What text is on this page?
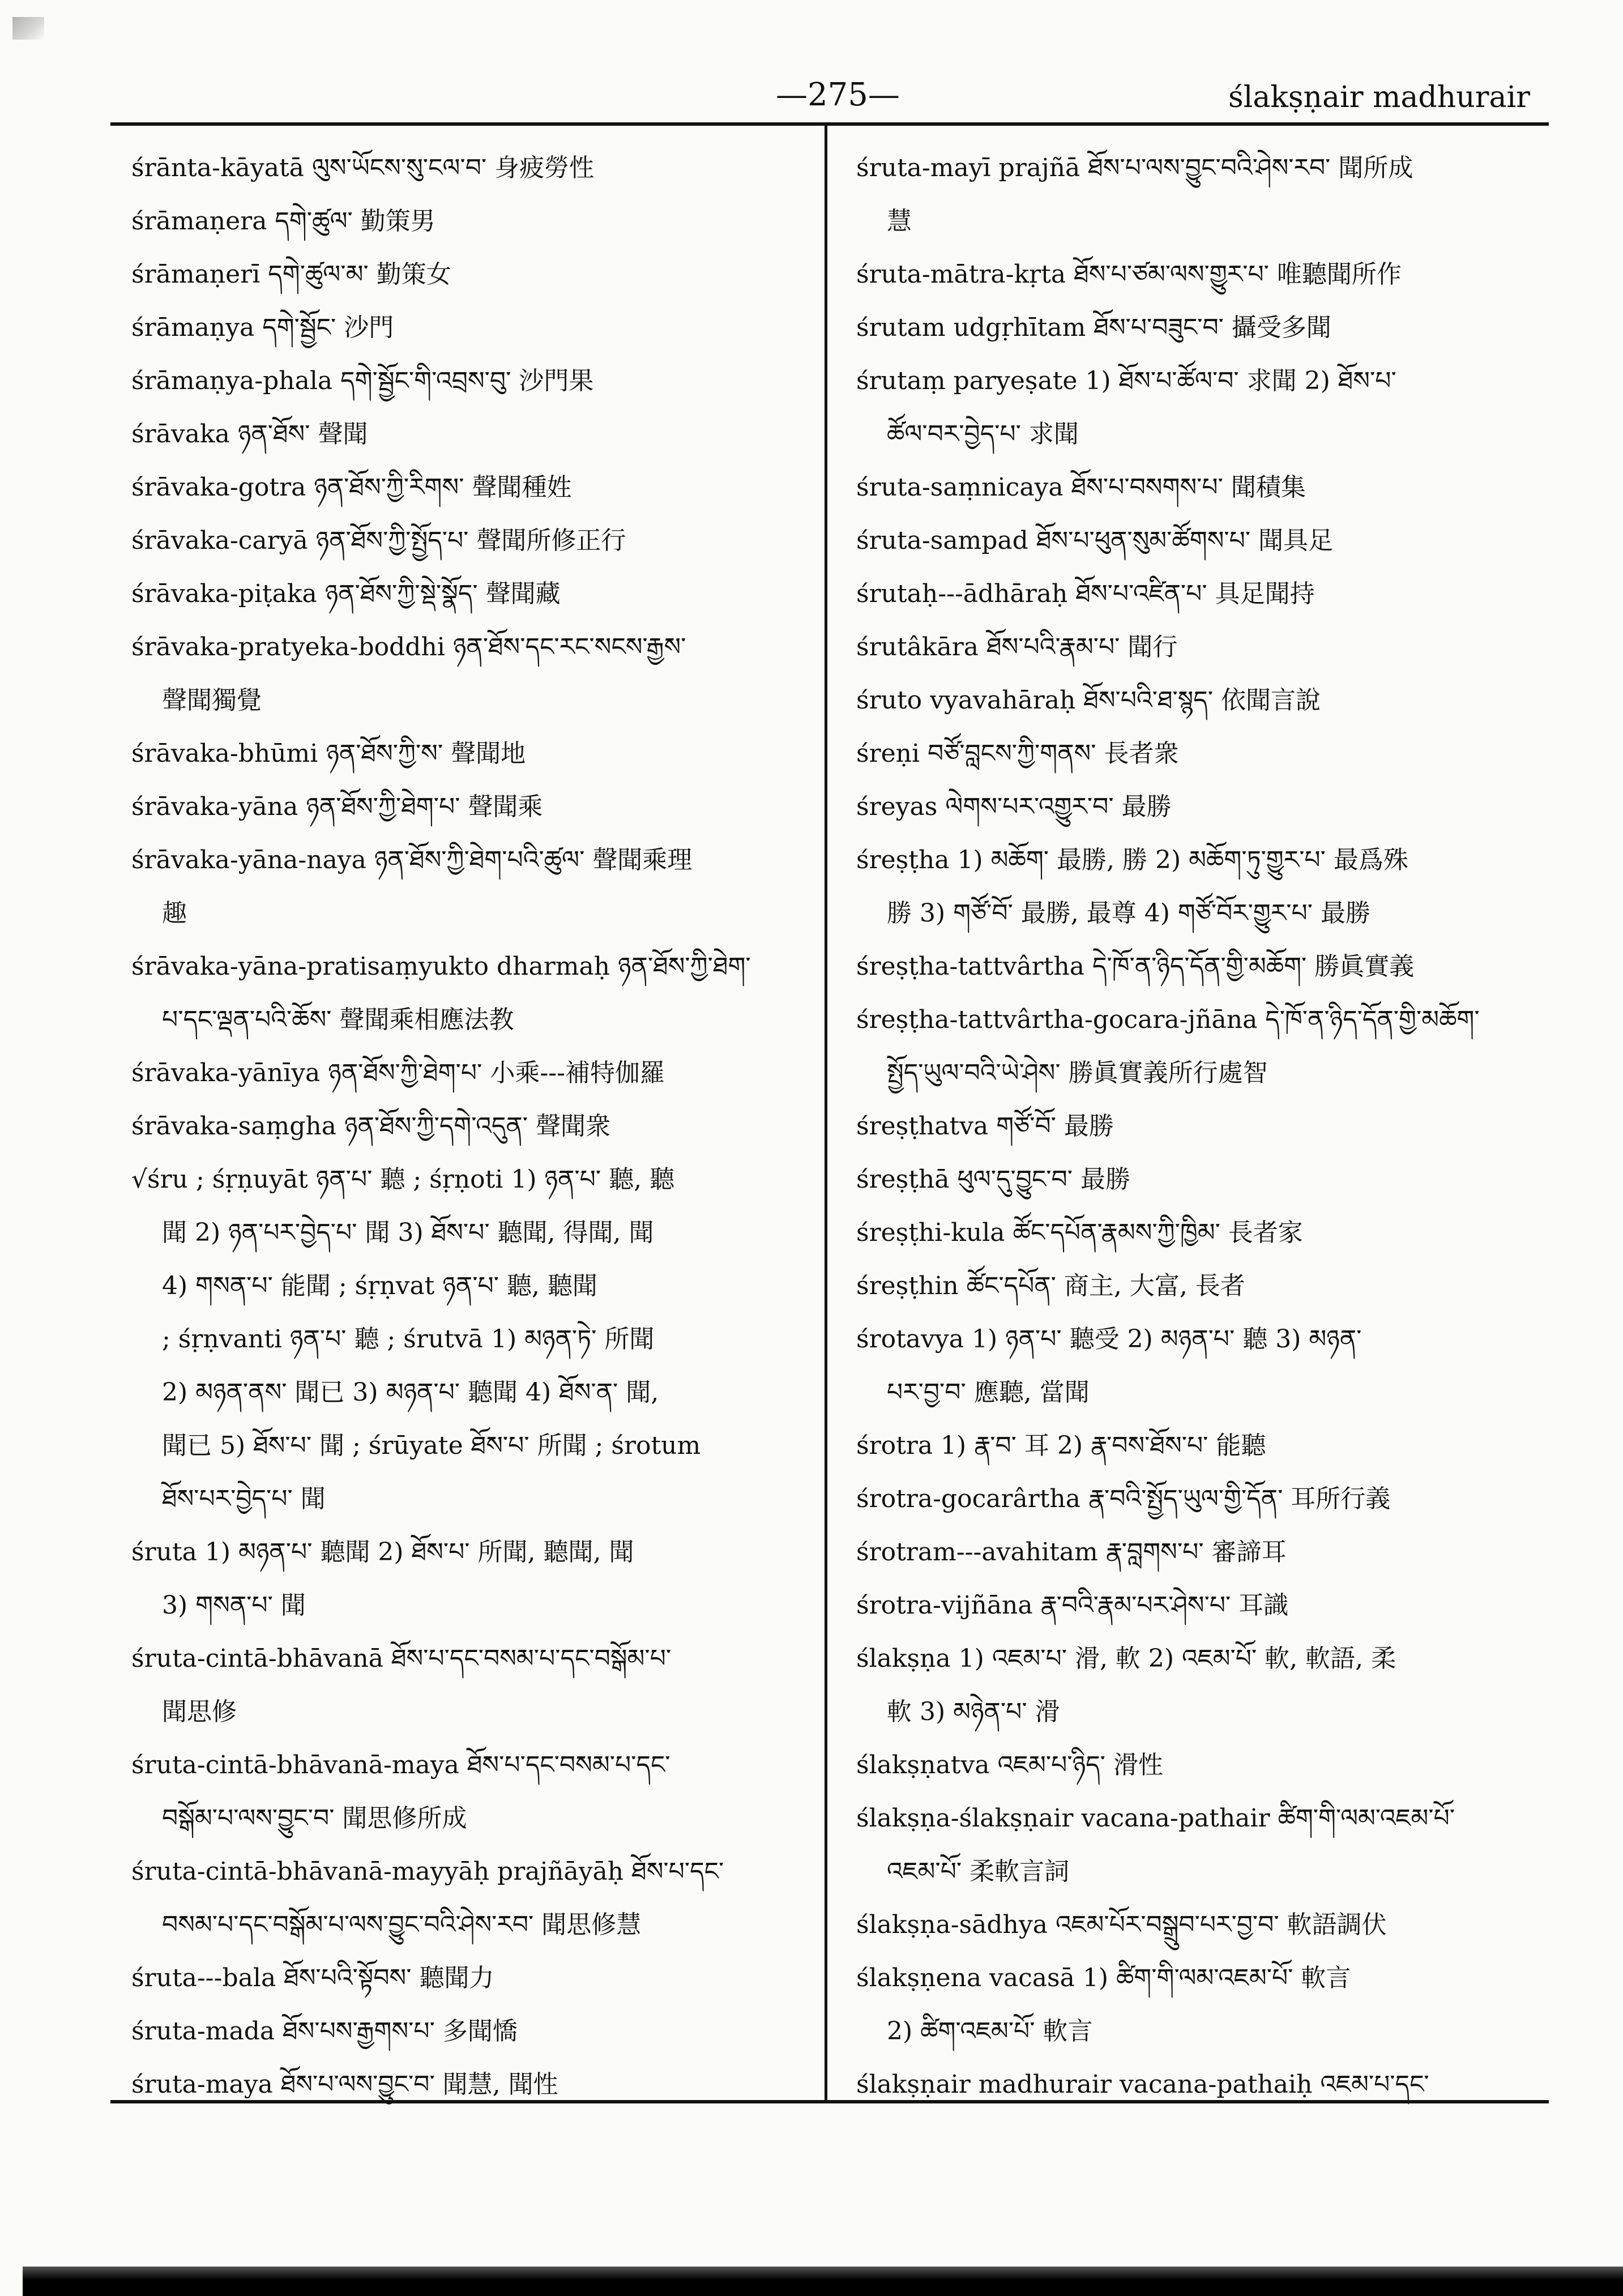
—275—	ślakṣṇair madhurair
śrānta-kāyatā ལུས་ཡོངས་སུ་ངལ་བ་ 身疲勞性
śrāmaṇera དགེ་ཚུལ་ 勤策男
śrāmaṇerī དགེ་ཚུལ་མ་ 勤策女
śrāmaṇya དགེ་སྦྱོང་ 沙門
śrāmaṇya-phala དགེ་སྦྱོང་གི་འབྲས་བུ་ 沙門果
śrāvaka ཉན་ཐོས་ 聲聞
śrāvaka-gotra ཉན་ཐོས་ཀྱི་རིགས་ 聲聞種姓
śrāvaka-caryā ཉན་ཐོས་ཀྱི་སྤྱོད་པ་ 聲聞所修正行
śrāvaka-piṭaka ཉན་ཐོས་ཀྱི་སྡེ་སྣོད་ 聲聞藏
śrāvaka-pratyeka-boddhi ཉན་ཐོས་དང་རང་སངས་རྒྱས་
聲聞獨覺
śrāvaka-bhūmi ཉན་ཐོས་ཀྱི་ས་ 聲聞地
śrāvaka-yāna ཉན་ཐོས་ཀྱི་ཐེག་པ་ 聲聞乘
śrāvaka-yāna-naya ཉན་ཐོས་ཀྱི་ཐེག་པའི་ཚུལ་ 聲聞乘理
趣
śrāvaka-yāna-pratisaṃyukto dharmaḥ ཉན་ཐོས་ཀྱི་ཐེག་
པ་དང་ལྡན་པའི་ཆོས་ 聲聞乘相應法教
śrāvaka-yānīya ཉན་ཐོས་ཀྱི་ཐེག་པ་ 小乘---補特伽羅
śrāvaka-saṃgha ཉན་ཐོས་ཀྱི་དགེ་འདུན་ 聲聞衆
√śru ; śṛṇuyāt ཉན་པ་ 聽 ; śṛṇoti 1) ཉན་པ་ 聽, 聽
聞 2) ཉན་པར་བྱེད་པ་ 聞 3) ཐོས་པ་ 聽聞, 得聞, 聞
4) གསན་པ་ 能聞 ; śṛṇvat ཉན་པ་ 聽, 聽聞
; śṛṇvanti ཉན་པ་ 聽 ; śrutvā 1) མཉན་ཏེ་ 所聞
2) མཉན་ནས་ 聞已 3) མཉན་པ་ 聽聞 4) ཐོས་ན་ 聞,
聞已 5) ཐོས་པ་ 聞 ; śrūyate ཐོས་པ་ 所聞 ; śrotum
ཐོས་པར་བྱེད་པ་ 聞
śruta 1) མཉན་པ་ 聽聞 2) ཐོས་པ་ 所聞, 聽聞, 聞
3) གསན་པ་ 聞
śruta-cintā-bhāvanā ཐོས་པ་དང་བསམ་པ་དང་བསྒོམ་པ་
聞思修
śruta-cintā-bhāvanā-maya ཐོས་པ་དང་བསམ་པ་དང་
བསྒོམ་པ་ལས་བྱུང་བ་ 聞思修所成
śruta-cintā-bhāvanā-mayyāḥ prajñāyāḥ ཐོས་པ་དང་
བསམ་པ་དང་བསྒོམ་པ་ལས་བྱུང་བའི་ཤེས་རབ་ 聞思修慧
śruta---bala ཐོས་པའི་སྟོབས་ 聽聞力
śruta-mada ཐོས་པས་རྒྱགས་པ་ 多聞憍
śruta-maya ཐོས་པ་ལས་བྱུང་བ་ 聞慧, 聞性
śruta-mayī prajñā ཐོས་པ་ལས་བྱུང་བའི་ཤེས་རབ་ 聞所成
慧
śruta-mātra-kṛta ཐོས་པ་ཙམ་ལས་གྱུར་པ་ 唯聽聞所作
śrutam udgṛhītam ཐོས་པ་བཟུང་བ་ 攝受多聞
śrutaṃ paryeṣate 1) ཐོས་པ་ཚོལ་བ་ 求聞 2) ཐོས་པ་
ཚོལ་བར་བྱེད་པ་ 求聞
śruta-saṃnicaya ཐོས་པ་བསགས་པ་ 聞積集
śruta-sampad ཐོས་པ་ཕུན་སུམ་ཚོགས་པ་ 聞具足
śrutaḥ---ādhāraḥ ཐོས་པ་འཛིན་པ་ 具足聞持
śrutâkāra ཐོས་པའི་རྣམ་པ་ 聞行
śruto vyavahāraḥ ཐོས་པའི་ཐ་སྙད་ 依聞言說
śreṇi བཙོ་བླངས་ཀྱི་གནས་ 長者衆
śreyas ལེགས་པར་འགྱུར་བ་ 最勝
śreṣṭha 1) མཆོག་ 最勝, 勝 2) མཆོག་ཏུ་གྱུར་པ་ 最爲殊
勝 3) གཙོ་བོ་ 最勝, 最尊 4) གཙོ་བོར་གྱུར་པ་ 最勝
śreṣṭha-tattvârtha དེ་ཁོ་ན་ཉིད་དོན་གྱི་མཆོག་ 勝眞實義
śreṣṭha-tattvârtha-gocara-jñāna དེ་ཁོ་ན་ཉིད་དོན་གྱི་མཆོག་
སྤྱོད་ཡུལ་བའི་ཡེ་ཤེས་ 勝眞實義所行處智
śreṣṭhatva གཙོ་བོ་ 最勝
śreṣṭhā ཕུལ་དུ་བྱུང་བ་ 最勝
śreṣṭhi-kula ཚོང་དཔོན་རྣམས་ཀྱི་ཁྱིམ་ 長者家
śreṣṭhin ཚོང་དཔོན་ 商主, 大富, 長者
śrotavya 1) ཉན་པ་ 聽受 2) མཉན་པ་ 聽 3) མཉན་
པར་བྱ་བ་ 應聽, 當聞
śrotra 1) རྣ་བ་ 耳 2) རྣ་བས་ཐོས་པ་ 能聽
śrotra-gocarârtha རྣ་བའི་སྤྱོད་ཡུལ་གྱི་དོན་ 耳所行義
śrotram---avahitam རྣ་བླགས་པ་ 審諦耳
śrotra-vijñāna རྣ་བའི་རྣམ་པར་ཤེས་པ་ 耳識
ślakṣṇa 1) འཇམ་པ་ 滑, 軟 2) འཇམ་པོ་ 軟, 軟語, 柔
軟 3) མཉེན་པ་ 滑
ślakṣṇatva འཇམ་པ་ཉིད་ 滑性
ślakṣṇa-ślakṣṇair vacana-pathair ཚིག་གི་ལམ་འཇམ་པོ་
འཇམ་པོ་ 柔軟言詞
ślakṣṇa-sādhya འཇམ་པོར་བསྒྲུབ་པར་བྱ་བ་ 軟語調伏
ślakṣṇena vacasā 1) ཚིག་གི་ལམ་འཇམ་པོ་ 軟言
2) ཚིག་འཇམ་པོ་ 軟言
ślakṣṇair madhurair vacana-pathaiḥ འཇམ་པ་དང་
